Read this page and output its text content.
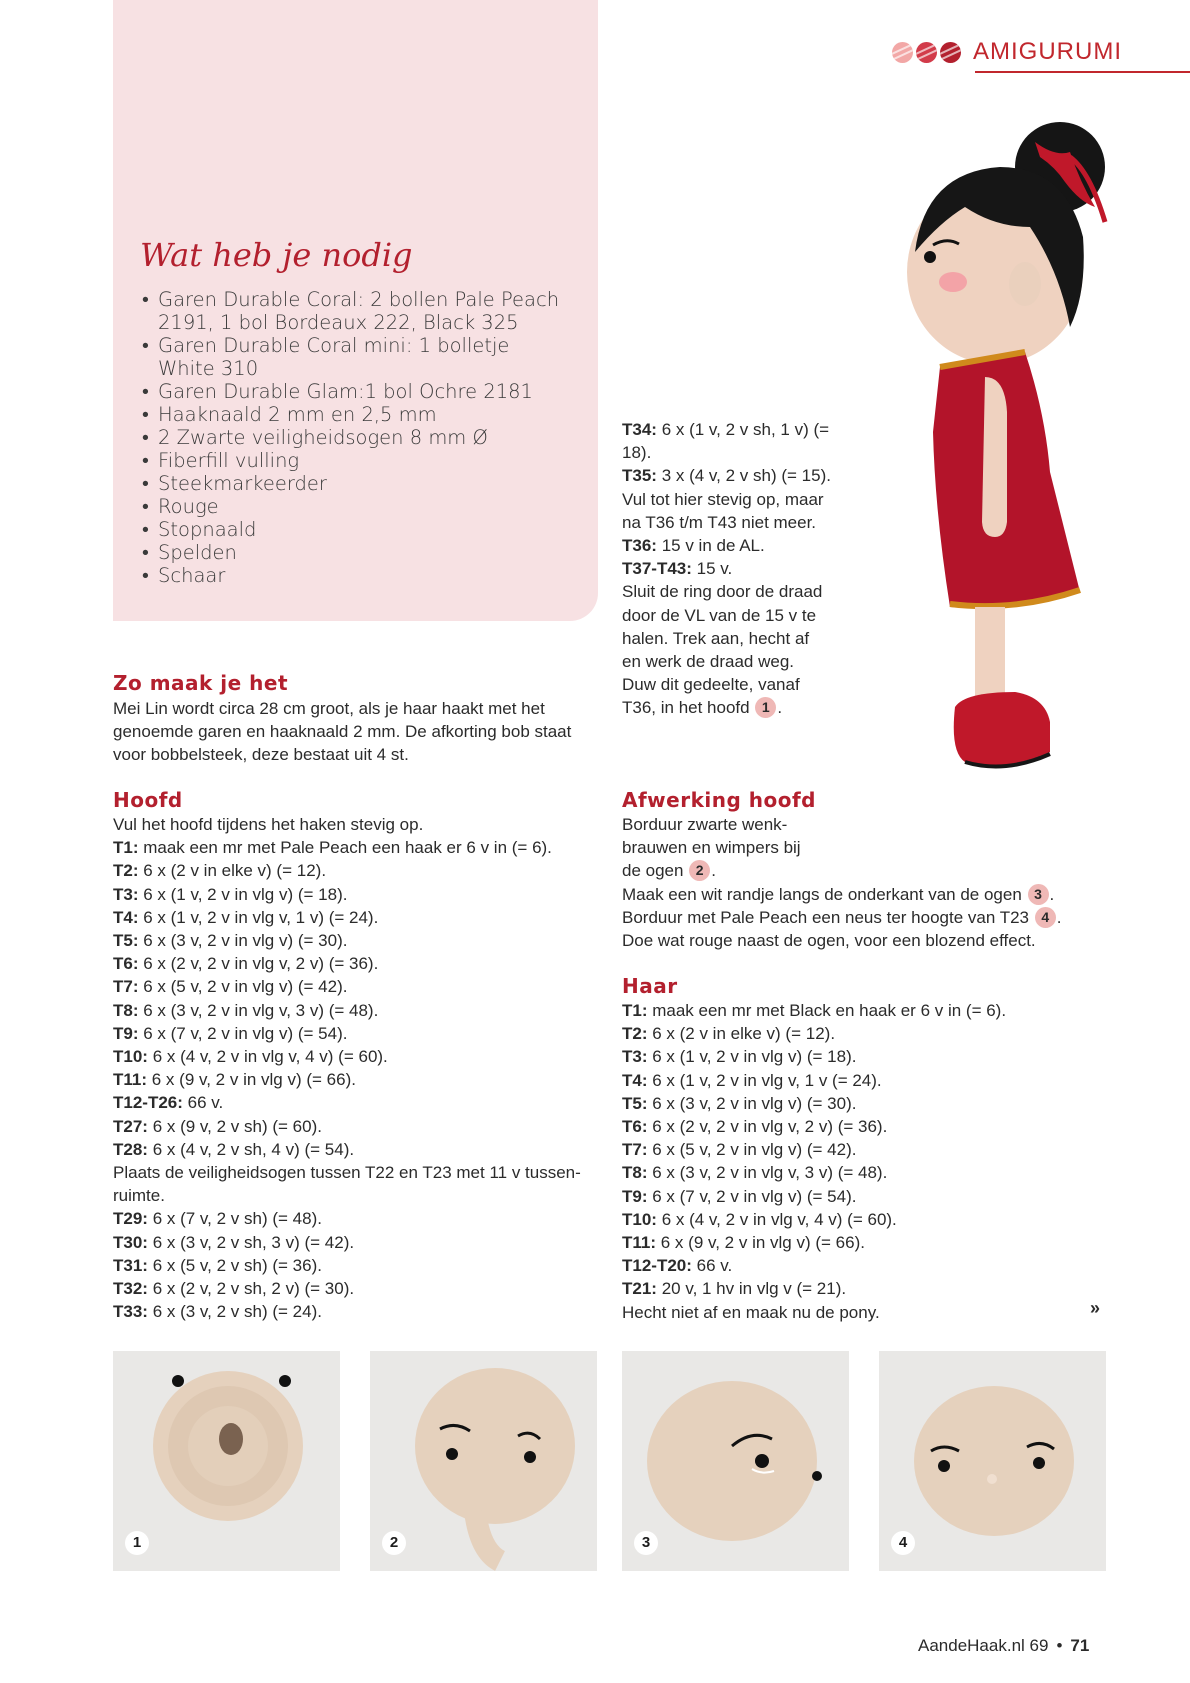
AMIGURUMI
Wat heb je nodig
• Garen Durable Coral: 2 bollen Pale Peach 2191, 1 bol Bordeaux 222, Black 325
• Garen Durable Coral mini: 1 bolletje White 310
• Garen Durable Glam:1 bol Ochre 2181
• Haaknaald 2 mm en 2,5 mm
• 2 Zwarte veiligheidsogen 8 mm Ø
• Fiberfill vulling
• Steekmarkeerder
• Rouge
• Stopnaald
• Spelden
• Schaar
Zo maak je het
Mei Lin wordt circa 28 cm groot, als je haar haakt met het genoemde garen en haaknaald 2 mm. De afkorting bob staat voor bobbelsteek, deze bestaat uit 4 st.
Hoofd

Vul het hoofd tijdens het haken stevig op.

T1: maak een mr met Pale Peach een haak er 6 v in (= 6).
T2: 6 x (2 v in elke v) (= 12).
T3: 6 x (1 v, 2 v in vlg v) (= 18).
T4: 6 x (1 v, 2 v in vlg v, 1 v) (= 24).
T5: 6 x (3 v, 2 v in vlg v) (= 30).
T6: 6 x (2 v, 2 v in vlg v, 2 v) (= 36).
T7: 6 x (5 v, 2 v in vlg v) (= 42).
T8: 6 x (3 v, 2 v in vlg v, 3 v) (= 48).
T9: 6 x (7 v, 2 v in vlg v) (= 54).
T10: 6 x (4 v, 2 v in vlg v, 4 v) (= 60).
T11: 6 x (9 v, 2 v in vlg v) (= 66).
T12-T26: 66 v.
T27: 6 x (9 v, 2 v sh) (= 60).
T28: 6 x (4 v, 2 v sh, 4 v) (= 54).

Plaats de veiligheidsogen tussen T22 en T23 met 11 v tussen-ruimte.

T29: 6 x (7 v, 2 v sh) (= 48).
T30: 6 x (3 v, 2 v sh, 3 v) (= 42).
T31: 6 x (5 v, 2 v sh) (= 36).
T32: 6 x (2 v, 2 v sh, 2 v) (= 30).
T33: 6 x (3 v, 2 v sh) (= 24).

T34: 6 x (1 v, 2 v sh, 1 v) (= 18).

T35: 3 x (4 v, 2 v sh) (= 15).

Vul tot hier stevig op, maar na T36 t/m T43 niet meer.

T36: 15 v in de AL.

T37-T43: 15 v.

Sluit de ring door de draad door de VL van de 15 v te halen. Trek aan, hecht af en werk de draad weg. Duw dit gedeelte, vanaf T36, in het hoofd 1 .

Afwerking hoofd

Borduur zwarte wenk-brauwen en wimpers bij de ogen 2 .

Maak een wit randje langs de onderkant van de ogen 3 .

Borduur met Pale Peach een neus ter hoogte van T23 4 .

Doe wat rouge naast de ogen, voor een blozend effect.

Haar
T1: maak een mr met Black en haak er 6 v in (= 6).
T2: 6 x (2 v in elke v) (= 12).
T3: 6 x (1 v, 2 v in vlg v) (= 18).
T4: 6 x (1 v, 2 v in vlg v, 1 v (= 24).
T5: 6 x (3 v, 2 v in vlg v) (= 30).
T6: 6 x (2 v, 2 v in vlg v, 2 v) (= 36).
T7: 6 x (5 v, 2 v in vlg v) (= 42).
T8: 6 x (3 v, 2 v in vlg v, 3 v) (= 48).
T9: 6 x (7 v, 2 v in vlg v) (= 54).
T10: 6 x (4 v, 2 v in vlg v, 4 v) (= 60).
T11: 6 x (9 v, 2 v in vlg v) (= 66).
T12-T20: 66 v.
T21: 20 v, 1 hv in vlg v (= 21).

Hecht niet af en maak nu de pony.	»
1	2	3	4
AandeHaak.nl 69 • 71
